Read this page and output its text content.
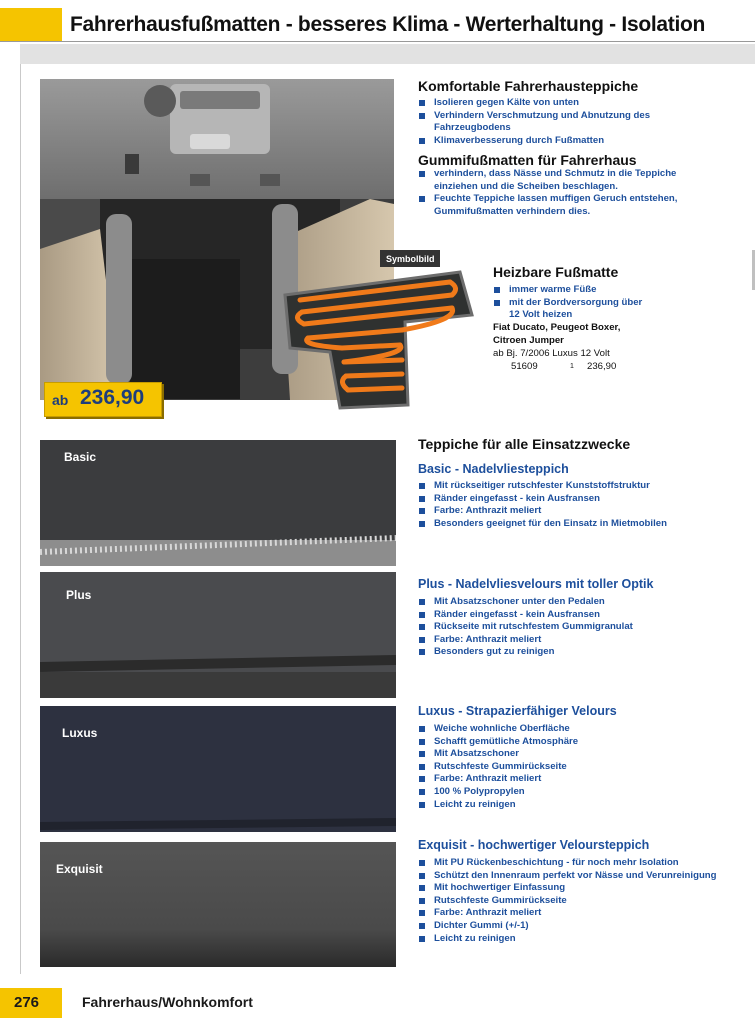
Fahrerhausfußmatten - besseres Klima - Werterhaltung - Isolation
Symbolbild
ab 236,90
Komfortable Fahrerhausteppiche
Isolieren gegen Kälte von unten
Verhindern Verschmutzung und Abnutzung des Fahrzeugbodens
Klimaverbesserung durch Fußmatten
Gummifußmatten für Fahrerhaus
verhindern, dass Nässe und Schmutz in die Teppiche einziehen und die Scheiben beschlagen.
Feuchte Teppiche lassen muffigen Geruch entstehen, Gummifußmatten verhindern dies.
Heizbare Fußmatte
immer warme Füße
mit der Bordversorgung über 12 Volt heizen
Fiat Ducato, Peugeot Boxer, Citroen Jumper
ab Bj. 7/2006 Luxus 12 Volt
51609	1 236,90
Teppiche für alle Einsatzzwecke
Basic
Basic - Nadelvliesteppich
Mit rückseitiger rutschfester Kunststoffstruktur
Ränder eingefasst - kein Ausfransen
Farbe: Anthrazit meliert
Besonders geeignet für den Einsatz in Mietmobilen
Plus
Plus - Nadelvliesvelours mit toller Optik
Mit Absatzschoner unter den Pedalen
Ränder eingefasst - kein Ausfransen
Rückseite mit rutschfestem Gummigranulat
Farbe: Anthrazit meliert
Besonders gut zu reinigen
Luxus
Luxus - Strapazierfähiger Velours
Weiche wohnliche Oberfläche
Schafft gemütliche Atmosphäre
Mit Absatzschoner
Rutschfeste Gummirückseite
Farbe: Anthrazit meliert
100 % Polypropylen
Leicht zu reinigen
Exquisit
Exquisit - hochwertiger Veloursteppich
Mit PU Rückenbeschichtung - für noch mehr Isolation
Schützt den Innenraum perfekt vor Nässe und Verunreinigung
Mit hochwertiger Einfassung
Rutschfeste Gummirückseite
Farbe: Anthrazit meliert
Dichter Gummi (+/-1)
Leicht zu reinigen
276	Fahrerhaus/Wohnkomfort
